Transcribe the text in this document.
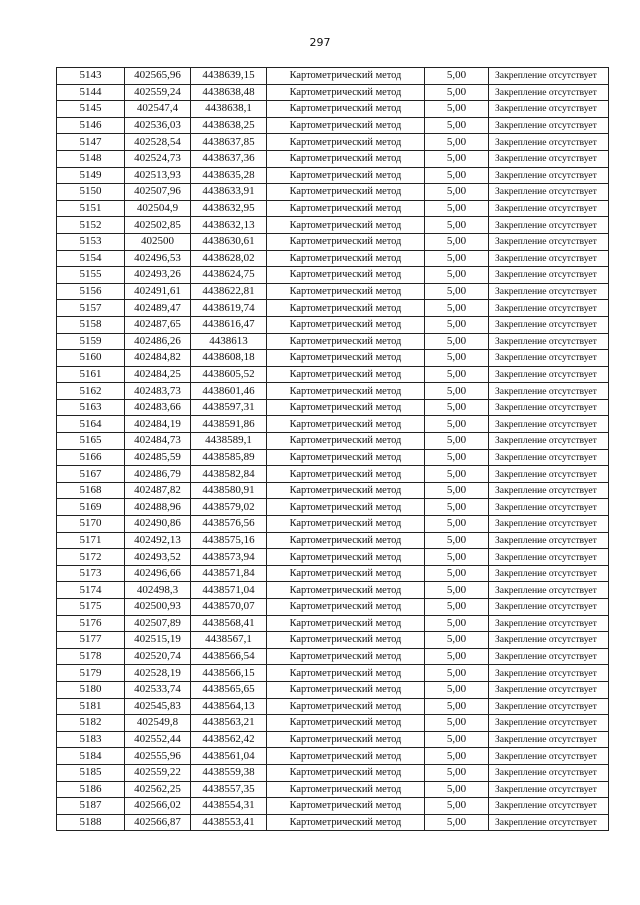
297
5143	402565,96	4438639,15	Картометрический метод	5,00	Закрепление отсутствует
5144	402559,24	4438638,48	Картометрический метод	5,00	Закрепление отсутствует
5145	402547,4	4438638,1	Картометрический метод	5,00	Закрепление отсутствует
5146	402536,03	4438638,25	Картометрический метод	5,00	Закрепление отсутствует
5147	402528,54	4438637,85	Картометрический метод	5,00	Закрепление отсутствует
5148	402524,73	4438637,36	Картометрический метод	5,00	Закрепление отсутствует
5149	402513,93	4438635,28	Картометрический метод	5,00	Закрепление отсутствует
5150	402507,96	4438633,91	Картометрический метод	5,00	Закрепление отсутствует
5151	402504,9	4438632,95	Картометрический метод	5,00	Закрепление отсутствует
5152	402502,85	4438632,13	Картометрический метод	5,00	Закрепление отсутствует
5153	402500	4438630,61	Картометрический метод	5,00	Закрепление отсутствует
5154	402496,53	4438628,02	Картометрический метод	5,00	Закрепление отсутствует
5155	402493,26	4438624,75	Картометрический метод	5,00	Закрепление отсутствует
5156	402491,61	4438622,81	Картометрический метод	5,00	Закрепление отсутствует
5157	402489,47	4438619,74	Картометрический метод	5,00	Закрепление отсутствует
5158	402487,65	4438616,47	Картометрический метод	5,00	Закрепление отсутствует
5159	402486,26	4438613	Картометрический метод	5,00	Закрепление отсутствует
5160	402484,82	4438608,18	Картометрический метод	5,00	Закрепление отсутствует
5161	402484,25	4438605,52	Картометрический метод	5,00	Закрепление отсутствует
5162	402483,73	4438601,46	Картометрический метод	5,00	Закрепление отсутствует
5163	402483,66	4438597,31	Картометрический метод	5,00	Закрепление отсутствует
5164	402484,19	4438591,86	Картометрический метод	5,00	Закрепление отсутствует
5165	402484,73	4438589,1	Картометрический метод	5,00	Закрепление отсутствует
5166	402485,59	4438585,89	Картометрический метод	5,00	Закрепление отсутствует
5167	402486,79	4438582,84	Картометрический метод	5,00	Закрепление отсутствует
5168	402487,82	4438580,91	Картометрический метод	5,00	Закрепление отсутствует
5169	402488,96	4438579,02	Картометрический метод	5,00	Закрепление отсутствует
5170	402490,86	4438576,56	Картометрический метод	5,00	Закрепление отсутствует
5171	402492,13	4438575,16	Картометрический метод	5,00	Закрепление отсутствует
5172	402493,52	4438573,94	Картометрический метод	5,00	Закрепление отсутствует
5173	402496,66	4438571,84	Картометрический метод	5,00	Закрепление отсутствует
5174	402498,3	4438571,04	Картометрический метод	5,00	Закрепление отсутствует
5175	402500,93	4438570,07	Картометрический метод	5,00	Закрепление отсутствует
5176	402507,89	4438568,41	Картометрический метод	5,00	Закрепление отсутствует
5177	402515,19	4438567,1	Картометрический метод	5,00	Закрепление отсутствует
5178	402520,74	4438566,54	Картометрический метод	5,00	Закрепление отсутствует
5179	402528,19	4438566,15	Картометрический метод	5,00	Закрепление отсутствует
5180	402533,74	4438565,65	Картометрический метод	5,00	Закрепление отсутствует
5181	402545,83	4438564,13	Картометрический метод	5,00	Закрепление отсутствует
5182	402549,8	4438563,21	Картометрический метод	5,00	Закрепление отсутствует
5183	402552,44	4438562,42	Картометрический метод	5,00	Закрепление отсутствует
5184	402555,96	4438561,04	Картометрический метод	5,00	Закрепление отсутствует
5185	402559,22	4438559,38	Картометрический метод	5,00	Закрепление отсутствует
5186	402562,25	4438557,35	Картометрический метод	5,00	Закрепление отсутствует
5187	402566,02	4438554,31	Картометрический метод	5,00	Закрепление отсутствует
5188	402566,87	4438553,41	Картометрический метод	5,00	Закрепление отсутствует
